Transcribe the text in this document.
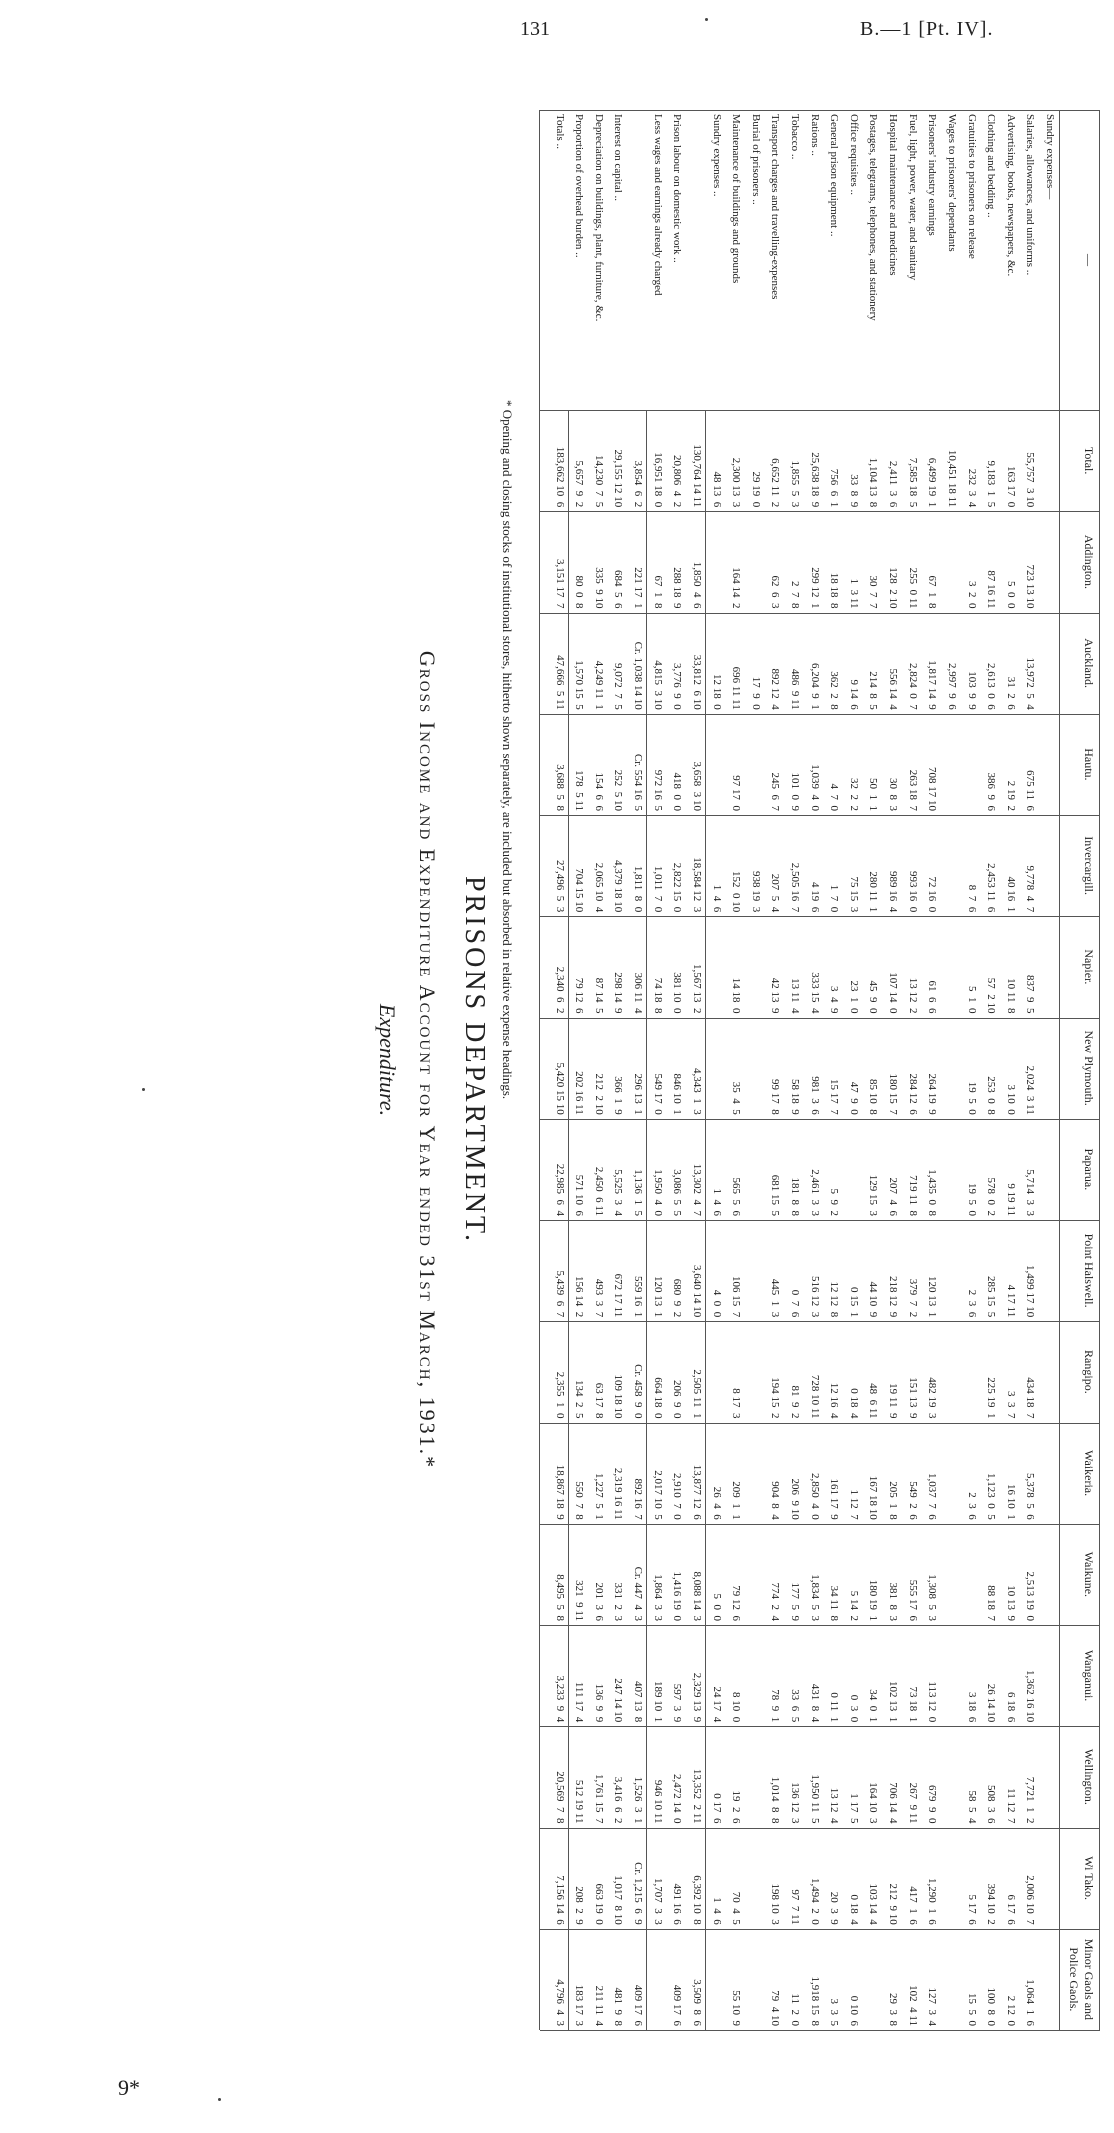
131	B.—1 [Pt. IV].
9*
PRISONS DEPARTMENT.
Gross Income and Expenditure Account for Year ended 31st March, 1931.*
Expenditure.	* Opening and closing stocks of institutional stores, hitherto shown separately, are included but absorbed in relative expense headings.
—
Total.
Addington.
Auckland.
Hautu.
Invercargill.
Napier.
New Plymouth.
Paparua.
Point Halswell.
Rangipo.
Waikeria.
Waikune.
Wanganui.
Wellington.
Wi Tako.
Minor Gaols and Police Gaols.
Sundry expenses—
Salaries, allowances, and uniforms ..
55,757  3 10
723 13 10
13,972  5  4
675 11  6
9,778  4  7
837  9  5
2,024  3 11
5,714  3  3
1,499 17 10
434 18  7
5,378  5  6
2,513 19  0
1,362 16 10
7,721  1  2
2,006 10  7
1,064  1  6
Advertising, books, newspapers, &c.
163 17  0
5  0  0
31  2  6
2 19  2
40 16  1
10 11  8
3 10  0
9 19 11
4 17 11
3  3  7
16 10  1
10 13  9
6 18  6
11 12  7
6 17  6
2 12  0
Clothing and bedding ..
9,183  1  5
87 16 11
2,613  0  6
386  9  6
2,453 11  6
57  2 10
253  0  8
578  0  2
285 15  5
225 19  1
1,123  0  5
88 18  7
26 14 10
508  3  6
394 10  2
100  8  0
Gratuities to prisoners on release
232  3  4
3  2  0
103  9  9
8  7  6
5  1  0
19  5  0
19  5  0
2  3  6
2  3  6
3 18  6
58  5  4
5 17  6
15  5  0
Wages to prisoners' dependants
10,451 18 11
2,997  9  6
Prisoners' industry earnings
6,499 19  1
67  1  8
1,817 14  9
708 17 10
72 16  0
61  6  6
264 19  9
1,435  0  8
120 13  1
482 19  3
1,037  7  6
1,308  5  3
113 12  0
679  9  0
1,290  1  6
127  3  4
Fuel, light, power, water, and sanitary
7,585 18  5
255  0 11
2,824  0  7
263 18  7
993 16  0
13 12  2
284 12  6
719 11  8
379  7  2
151 13  9
549  2  6
555 17  6
73 18  1
267  9 11
417  1  6
102  4 11
Hospital maintenance and medicines
2,411  3  6
128  2 10
556 14  4
30  8  3
989 16  4
107 14  0
180 15  7
207  4  6
218 12  9
19 11  9
205  1  8
381  8  3
102 13  1
706 14  4
212  9 10
29  3  8
Postages, telegrams, telephones, and stationery
1,104 13  8
30  7  7
214  8  5
50  1  1
280 11  1
45  9  0
85 10  8
129 15  3
44 10  9
48  6 11
167 18 10
180 19  1
34  0  1
164 10  3
103 14  4
Office requisites ..
33  8  9
1  3 11
9 14  6
32  2  2
75 15  3
23  1  0
47  9  0
0 15  1
0 18  4
1 12  7
5 14  2
0  3  0
1 17  5
0 18  4
0 10  6
General prison equipment ..
756  6  1
18 18  8
362  2  8
4  7  0
1  7  0
3  4  9
15 17  7
5  9  2
12 12  8
12 16  4
161 17  9
34 11  8
0 11  1
13 12  4
20  3  9
3  3  5
Rations ..
25,638 18  9
299 12  1
6,204  9  1
1,039  4  0
4 19  6
333 15  4
981  3  6
2,461  3  3
516 12  3
728 10 11
2,850  4  0
1,834  5  3
431  8  4
1,950 11  5
1,494  2  0
1,918 15  8
Tobacco ..
1,855  5  3
2  7  8
486  9 11
101  0  9
2,505 16  7
13 11  4
58 18  9
181  8  8
0  7  6
81  9  2
206  9 10
177  5  9
33  6  5
136 12  3
97  7 11
11  2  0
Transport charges and travelling-expenses
6,652 11  2
62  6  3
892 12  4
245  6  7
207  5  4
42 13  9
99 17  8
681 15  5
445  1  3
194 15  2
904  8  4
774  2  4
78  9  1
1,014  8  8
198 10  3
79  4 10
Burial of prisoners ..
29 19  0
17  9  0
938 19  3
Maintenance of buildings and grounds
2,300 13  3
164 14  2
696 11 11
97 17  0
152  0 10
14 18  0
35  4  5
565  5  6
106 15  7
8 17  3
209  1  1
79 12  6
8 10  0
19  2  6
70  4  5
55 10  9
Sundry expenses ..
48 13  6
12 18  0
1  4  6
1  4  6
4  0  0
26  4  6
5  0  0
24 17  4
0 17  6
1  4  6
130,764 14 11
1,850  4  6
33,812  6 10
3,658  3 10
18,584 12  3
1,567 13  2
4,343  1  3
13,302  4  7
3,640 14 10
2,505 11  1
13,877 12  6
8,088 14  3
2,329 13  9
13,352  2 11
6,392 10  8
3,509  8  6
Prison labour on domestic work ..
20,806  4  2
288 18  9
3,776  9  0
418  0  0
2,822 15  0
381 10  0
846 10  1
3,086  5  5
680  9  2
206  9  0
2,910  7  0
1,416 19  0
597  3  9
2,472 14  0
491 16  6
409 17  6
Less wages and earnings already charged
16,951 18  0
67  1  8
4,815  3 10
972 16  5
1,011  7  0
74 18  8
549 17  0
1,950  4  0
120 13  1
664 18  0
2,017 10  5
1,864  3  3
189 10  1
946 10 11
1,707  3  3
3,854  6  2
221 17  1
Cr. 1,038 14 10
Cr. 554 16  5
1,811  8  0
306 11  4
296 13  1
1,136  1  5
559 16  1
Cr. 458  9  0
892 16  7
Cr. 447  4  3
407 13  8
1,526  3  1
Cr. 1,215  6  9
409 17  6
Interest on capital ..
29,155 12 10
684  5  6
9,072  7  5
252  5 10
4,379 18 10
298 14  9
366  1  9
5,525  3  4
672 17 11
109 18 10
2,319 16 11
331  2  3
247 14 10
3,416  6  2
1,017  8 10
481  9  8
Depreciation on buildings, plant, furniture, &c.
14,230  7  5
335  9 10
4,249 11  1
154  6  6
2,065 10  4
87 14  5
212  2 10
2,450  6 11
493  3  7
63 17  8
1,227  5  1
201  3  6
136  9  9
1,761 15  7
663 19  0
211 11  4
Proportion of overhead burden ..
5,657  9  2
80  0  8
1,570 15  5
178  5 11
704 15 10
79 12  6
202 16 11
571 10  6
156 14  2
134  2  5
550  7  8
321  9 11
111 17  4
512 19 11
208  2  9
183 17  3
Totals ..
183,662 10  6
3,151 17  7
47,666  5 11
3,688  5  8
27,496  5  3
2,340  6  2
5,420 15 10
22,985  6  4
5,439  6  7
2,355  1  0
18,867 18  9
8,495  5  8
3,233  9  4
20,569  7  8
7,156 14  6
4,796  4  3
